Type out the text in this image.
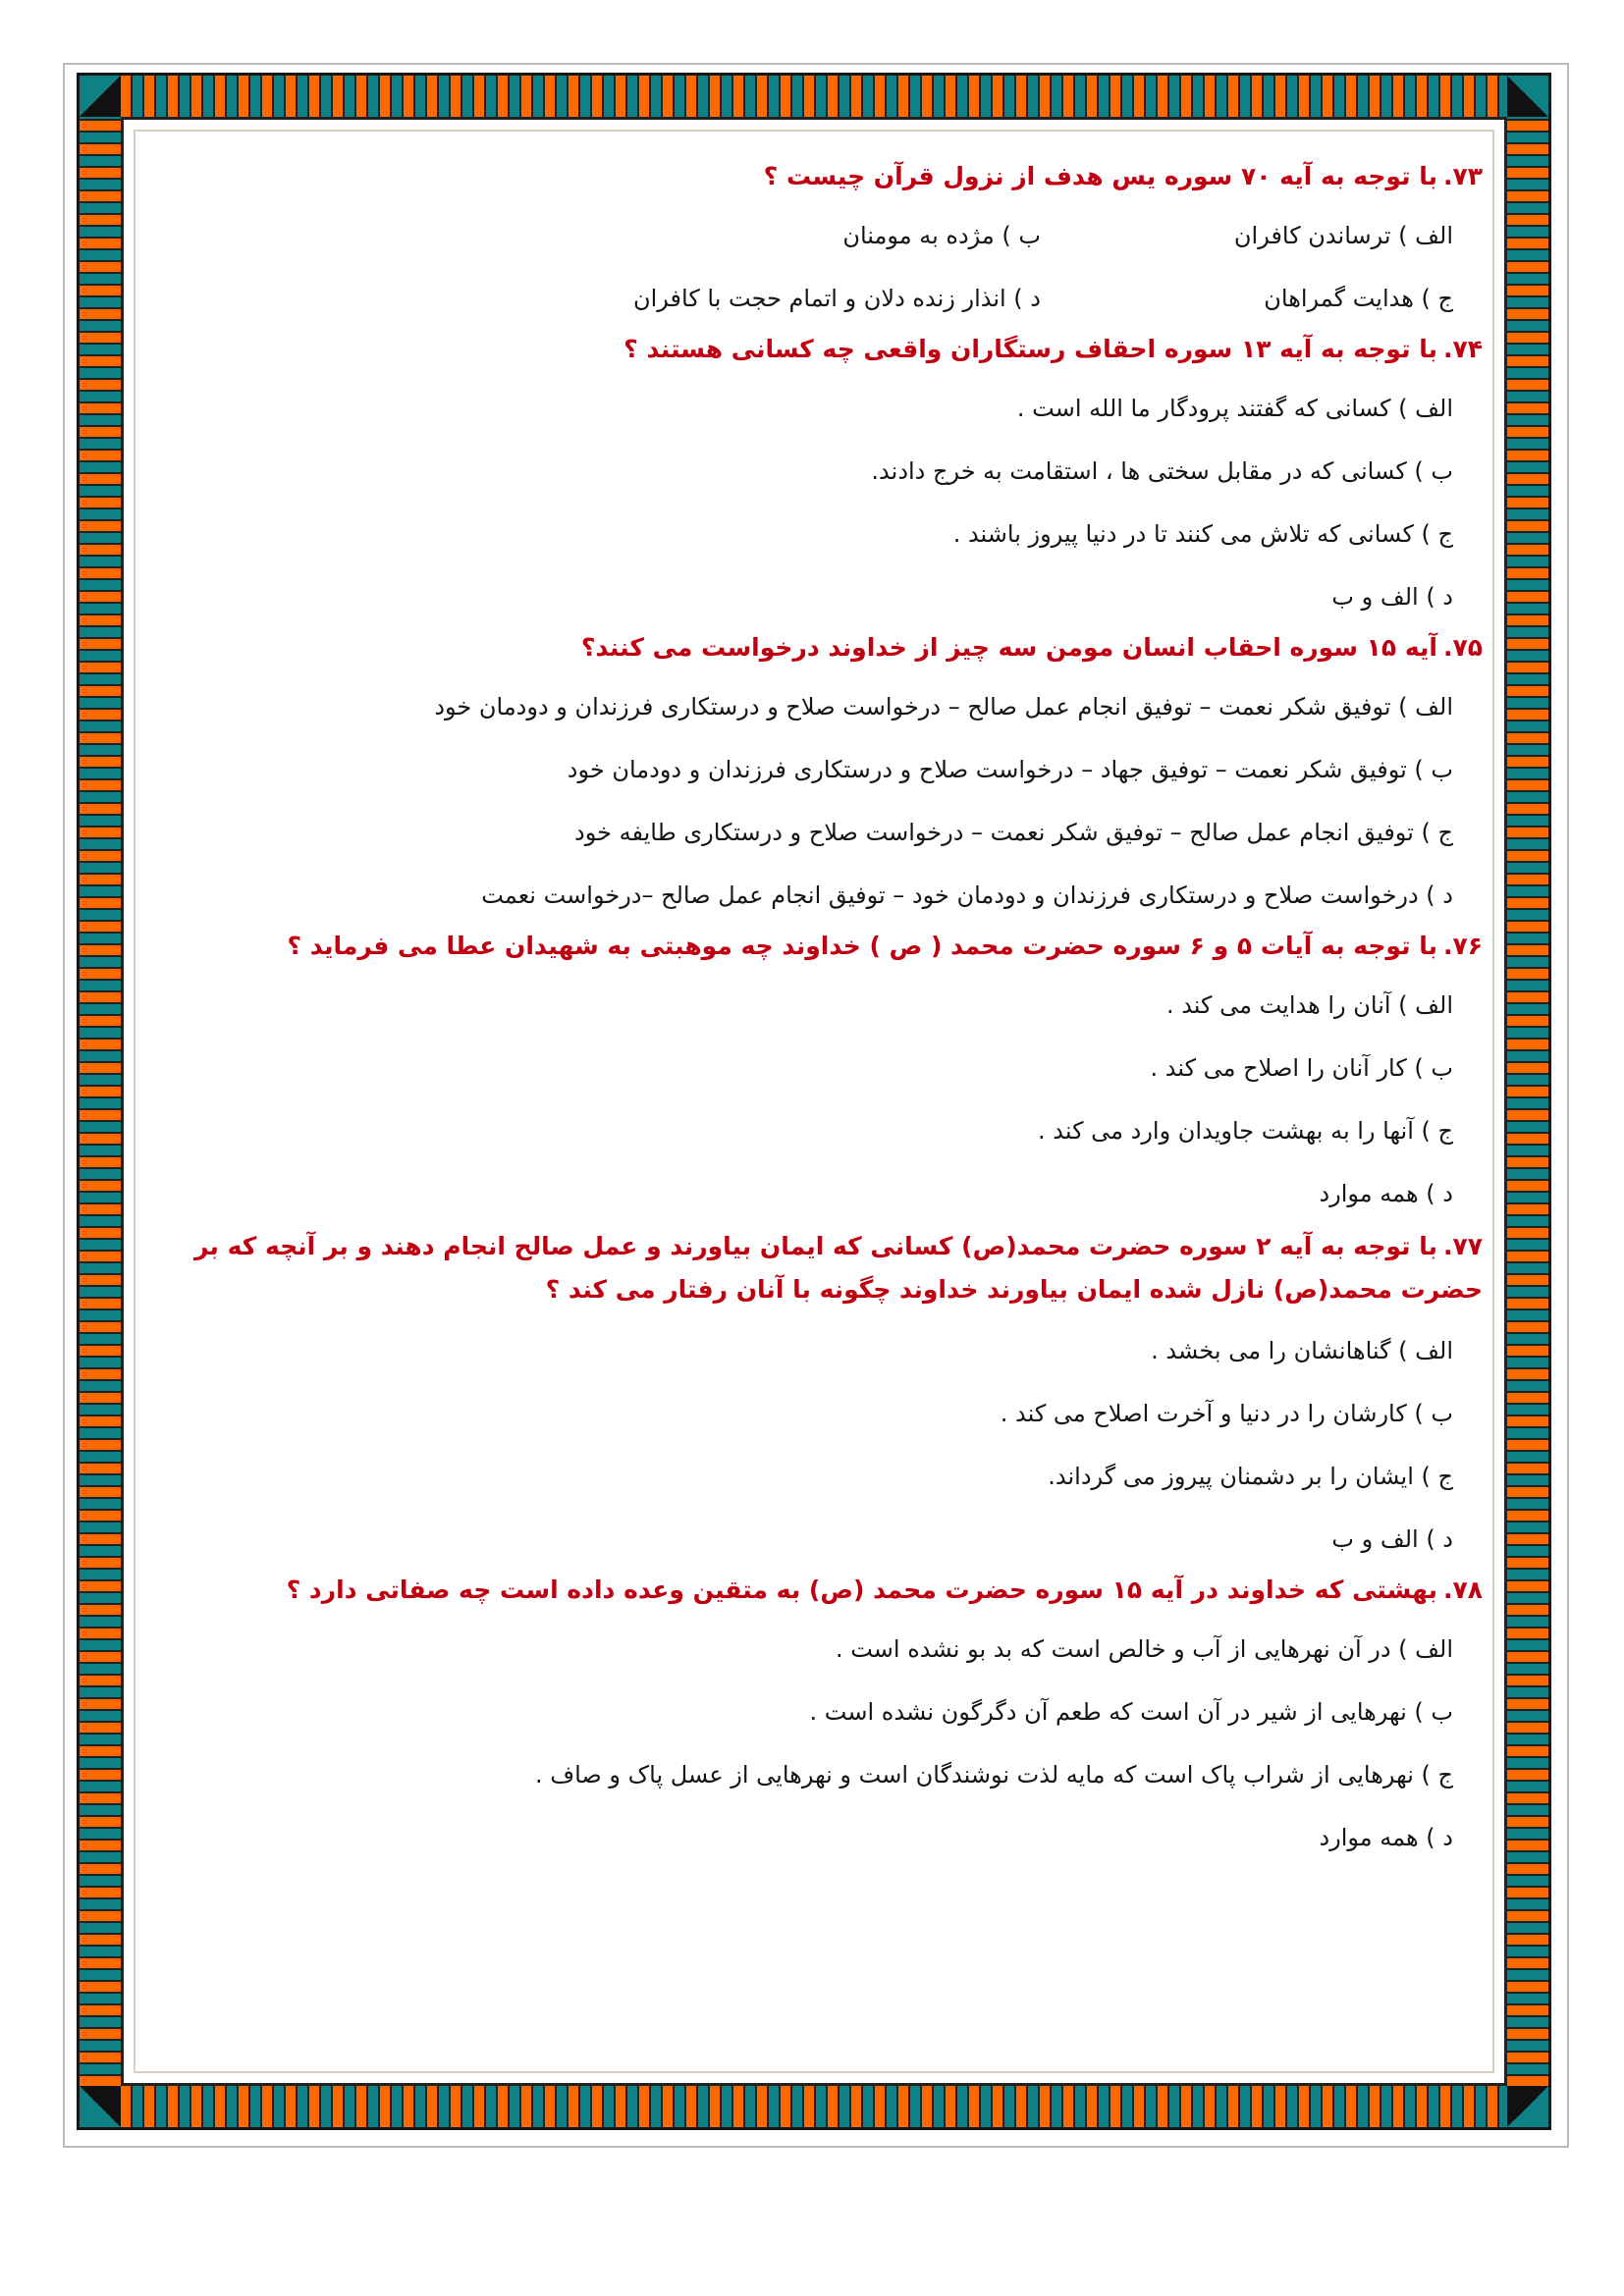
۷۳.با توجه به آیه ۷۰ سوره یس هدف از نزول قرآن چیست ؟
الف ) ترساندن کافران
ب ) مژده به مومنان
ج ) هدایت گمراهان
د ) انذار زنده دلان و اتمام حجت با کافران
۷۴.با توجه به آیه ۱۳ سوره احقاف رستگاران واقعی چه کسانی هستند ؟
الف ) کسانی که گفتند پرودگار ما الله است .
ب ) کسانی که در مقابل سختی ها ، استقامت به خرج دادند.
ج ) کسانی که تلاش می کنند تا در دنیا پیروز باشند .
د ) الف و ب
۷۵.آیه ۱۵ سوره احقاب انسان مومن سه چیز از خداوند درخواست می کنند؟
الف ) توفیق شکر نعمت – توفیق انجام عمل صالح – درخواست صلاح و درستکاری فرزندان و دودمان خود
ب ) توفیق شکر نعمت – توفیق جهاد – درخواست صلاح و درستکاری فرزندان و دودمان خود
ج ) توفیق انجام عمل صالح – توفیق شکر نعمت – درخواست صلاح و درستکاری طایفه خود
د ) درخواست صلاح و درستکاری فرزندان و دودمان خود – توفیق انجام عمل صالح –درخواست نعمت
۷۶.با توجه به آیات ۵ و ۶ سوره حضرت محمد ( ص ) خداوند چه موهبتی به شهیدان عطا می فرماید ؟
الف ) آنان را هدایت می کند .
ب ) کار آنان را اصلاح می کند .
ج ) آنها را به بهشت جاویدان وارد می کند .
د ) همه موارد
۷۷.با توجه به آیه ۲ سوره حضرت محمد(ص) کسانی که ایمان بیاورند و عمل صالح انجام دهند و بر آنچه که بر حضرت محمد(ص) نازل شده ایمان بیاورند خداوند چگونه با آنان رفتار می کند ؟
الف ) گناهانشان را می بخشد .
ب ) کارشان را در دنیا و آخرت اصلاح می کند .
ج ) ایشان را بر دشمنان پیروز می گرداند.
د ) الف و ب
۷۸.بهشتی که خداوند در آیه ۱۵ سوره حضرت محمد (ص) به متقین وعده داده است چه صفاتی دارد ؟
الف ) در آن نهرهایی از آب و خالص است که بد بو نشده است .
ب ) نهرهایی از شیر در آن است که طعم آن دگرگون نشده است .
ج ) نهرهایی از شراب پاک است که مایه لذت نوشندگان است و نهرهایی از عسل پاک و صاف .
د ) همه موارد
